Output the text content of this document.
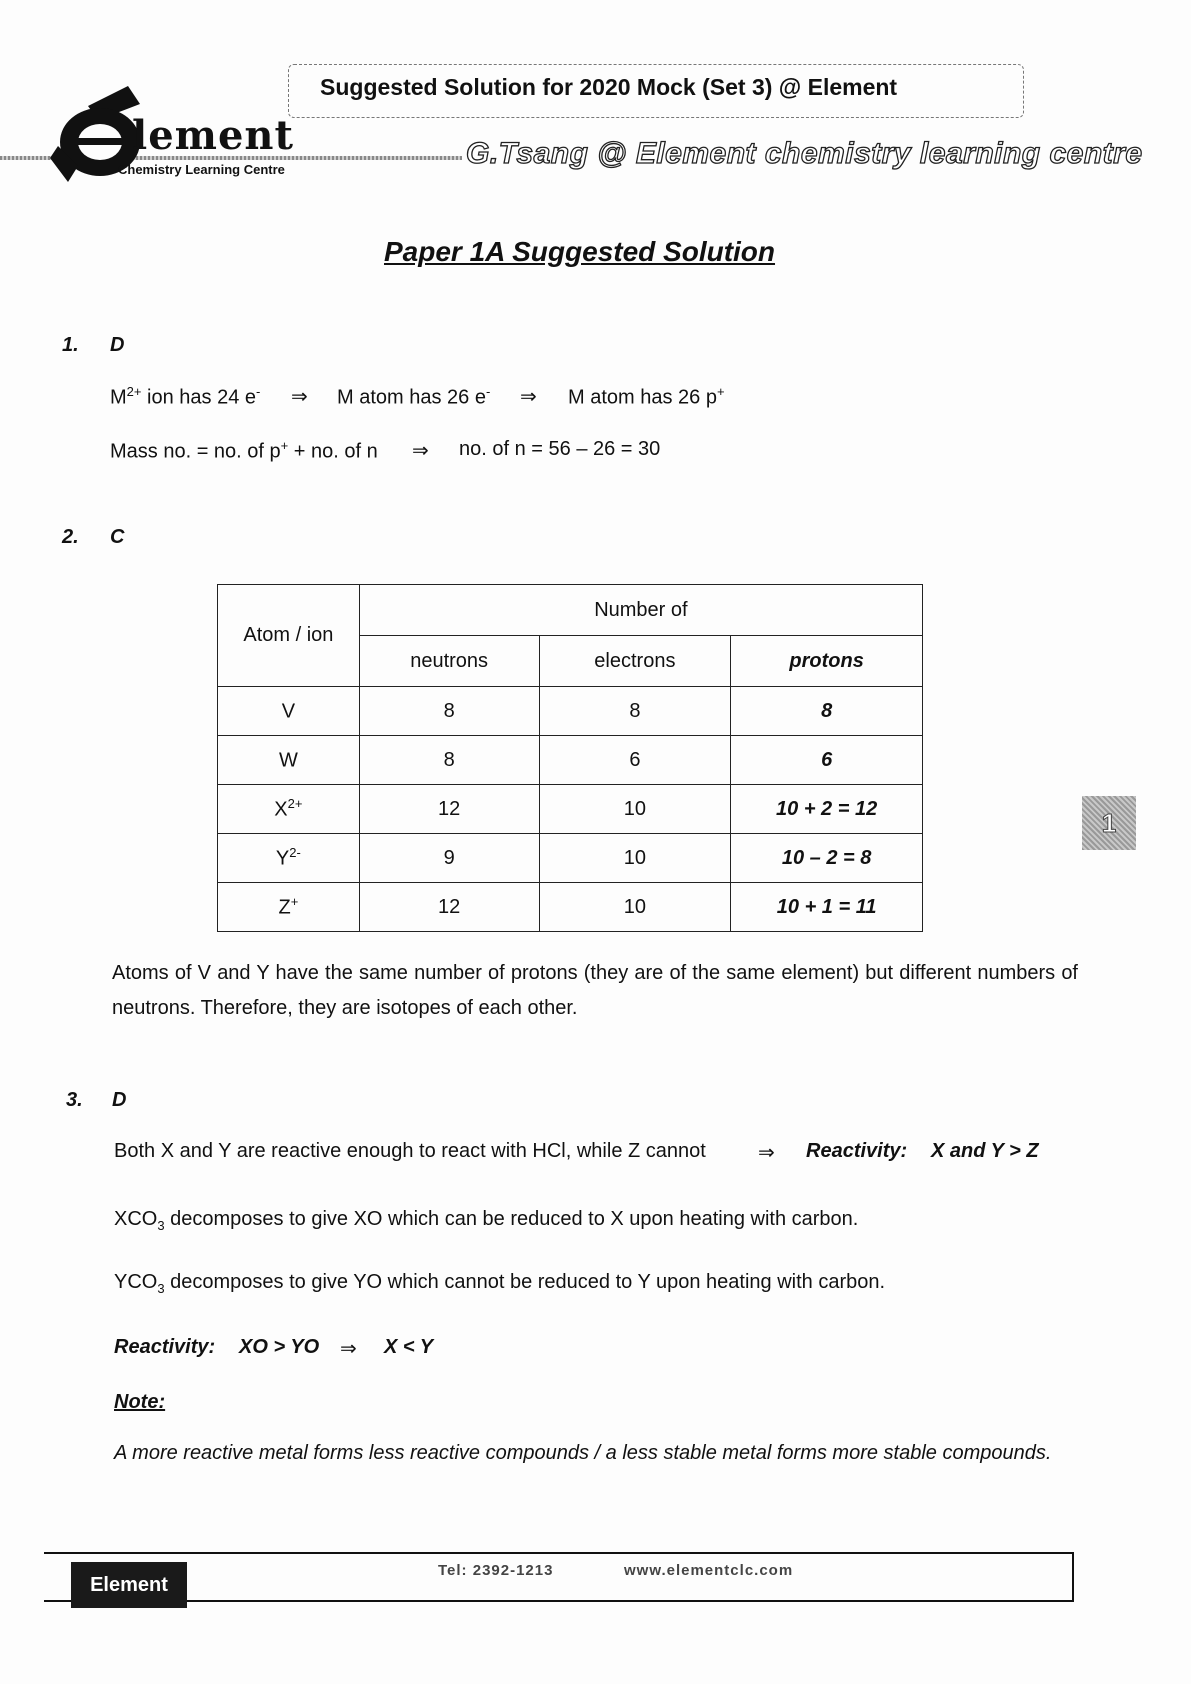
Suggested Solution for 2020 Mock (Set 3) @ Element
lement
Chemistry Learning Centre	G.Tsang @ Element chemistry learning centre
Paper 1A Suggested Solution
1. D
$M^{2+}$ ion has 24 e- ⇒ M atom has 26 e- ⇒ M atom has 26 p+
Mass no. = no. of p+ + no. of n ⇒ no. of n = 56 – 26 = 30
2. C
Atom / ion	Number of		
	neutrons	electrons	protons
V	8	8	8
W	8	6	6
$X^{2+}$	12	10	10 + 2 = 12
$Y^{2-}$	9	10	10 – 2 = 8
Z+	12	10	10 + 1 = 11
1
Atoms of V and Y have the same number of protons (they are of the same element) but different numbers of neutrons. Therefore, they are isotopes of each other.
3. D
Both X and Y are reactive enough to react with HCl, while Z cannot	⇒ Reactivity: X and Y > Z
$XCO_3$ decomposes to give XO which can be reduced to X upon heating with carbon.
$YCO_3$ decomposes to give YO which cannot be reduced to Y upon heating with carbon.
Reactivity: XO > YO ⇒ X < Y
Note:
A more reactive metal forms less reactive compounds / a less stable metal forms more stable compounds.
Element
Tel: 2392-1213	www.elementclc.com
